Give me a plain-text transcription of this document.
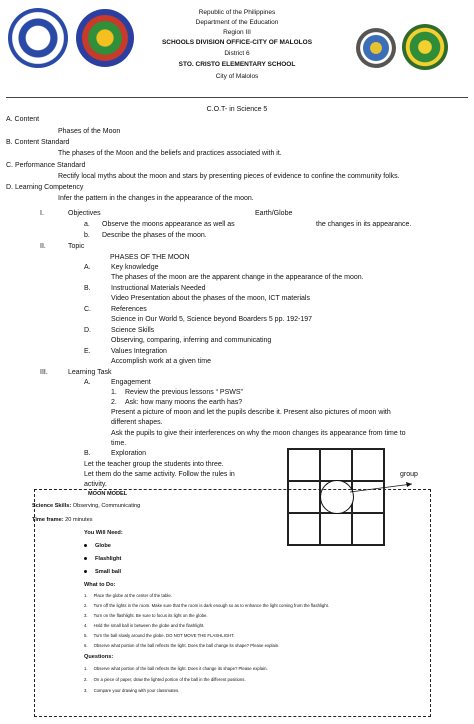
Republic of the Philippines
Department of the Education
Region III
SCHOOLS DIVISION OFFICE-CITY OF MALOLOS
District 6
STO. CRISTO ELEMENTARY SCHOOL
City of Malolos
C.O.T- in Science 5
A. Content
Phases of the Moon
B. Content Standard
The phases of the Moon and the beliefs and practices associated with it.
C. Performance Standard
Rectify local myths about the moon and stars by presenting pieces of evidence to confine the community folks.
D. Learning Competency
Infer the pattern in the changes in the appearance of the moon.
I.	Objectives	Earth/Globe
a. Observe the moons appearance as well as	the changes in its appearance.
b. Describe the phases of the moon.
II.	Topic
PHASES OF THE MOON
A.	Key knowledge
The phases of the moon are the apparent change in the appearance of the moon.
B.	Instructional Materials Needed
Video Presentation about the phases of the moon, ICT materials
C.	References
Science in Our World 5, Science beyond Boarders 5 pp. 192-197
D.	Science Skills
Observing, comparing, inferring and communicating
E.	Values Integration
Accomplish work at a given time
III.	Learning Task
A.	Engagement
1. Review the previous lessons “ PSWS”
2. Ask: how many moons the earth has?
Present a picture of moon and let the pupils describe it. Present also pictures of moon with
different shapes.
Ask the pupils to give their interferences on why the moon changes its appearance from time to
time.
B.	Exploration
Let the teacher group the students into three.
Let them do the same activity. Follow the rules in	group
activity.
MOON MODEL
Science Skills: Observing, Communicating
Time frame: 20 minutes
You Will Need:
Globe
Flashlight
Small ball
What to Do:
1.     Place the globe at the center of the table.
2.     Turn off the lights in the room. Make sure that the room is dark enough so as to enhance the light coming from the flashlight.
3.     Turn on the flashlight. Be sure to focus its light on the globe.
4.     Hold the small ball in between the globe and the flashlight.
5.     Turn the ball slowly around the globe. DO NOT MOVE THE FLASHLIGHT.
6.     Observe what portion of the ball reflects the light. Does the ball change its shape? Please explain.
Questions:
1.     Observe what portion of the ball reflects the light. Does it change its shape? Please explain.
2.     On a piece of paper, draw the lighted portion of the ball in the different positions.
3.     Compare your drawing with your classmates.
